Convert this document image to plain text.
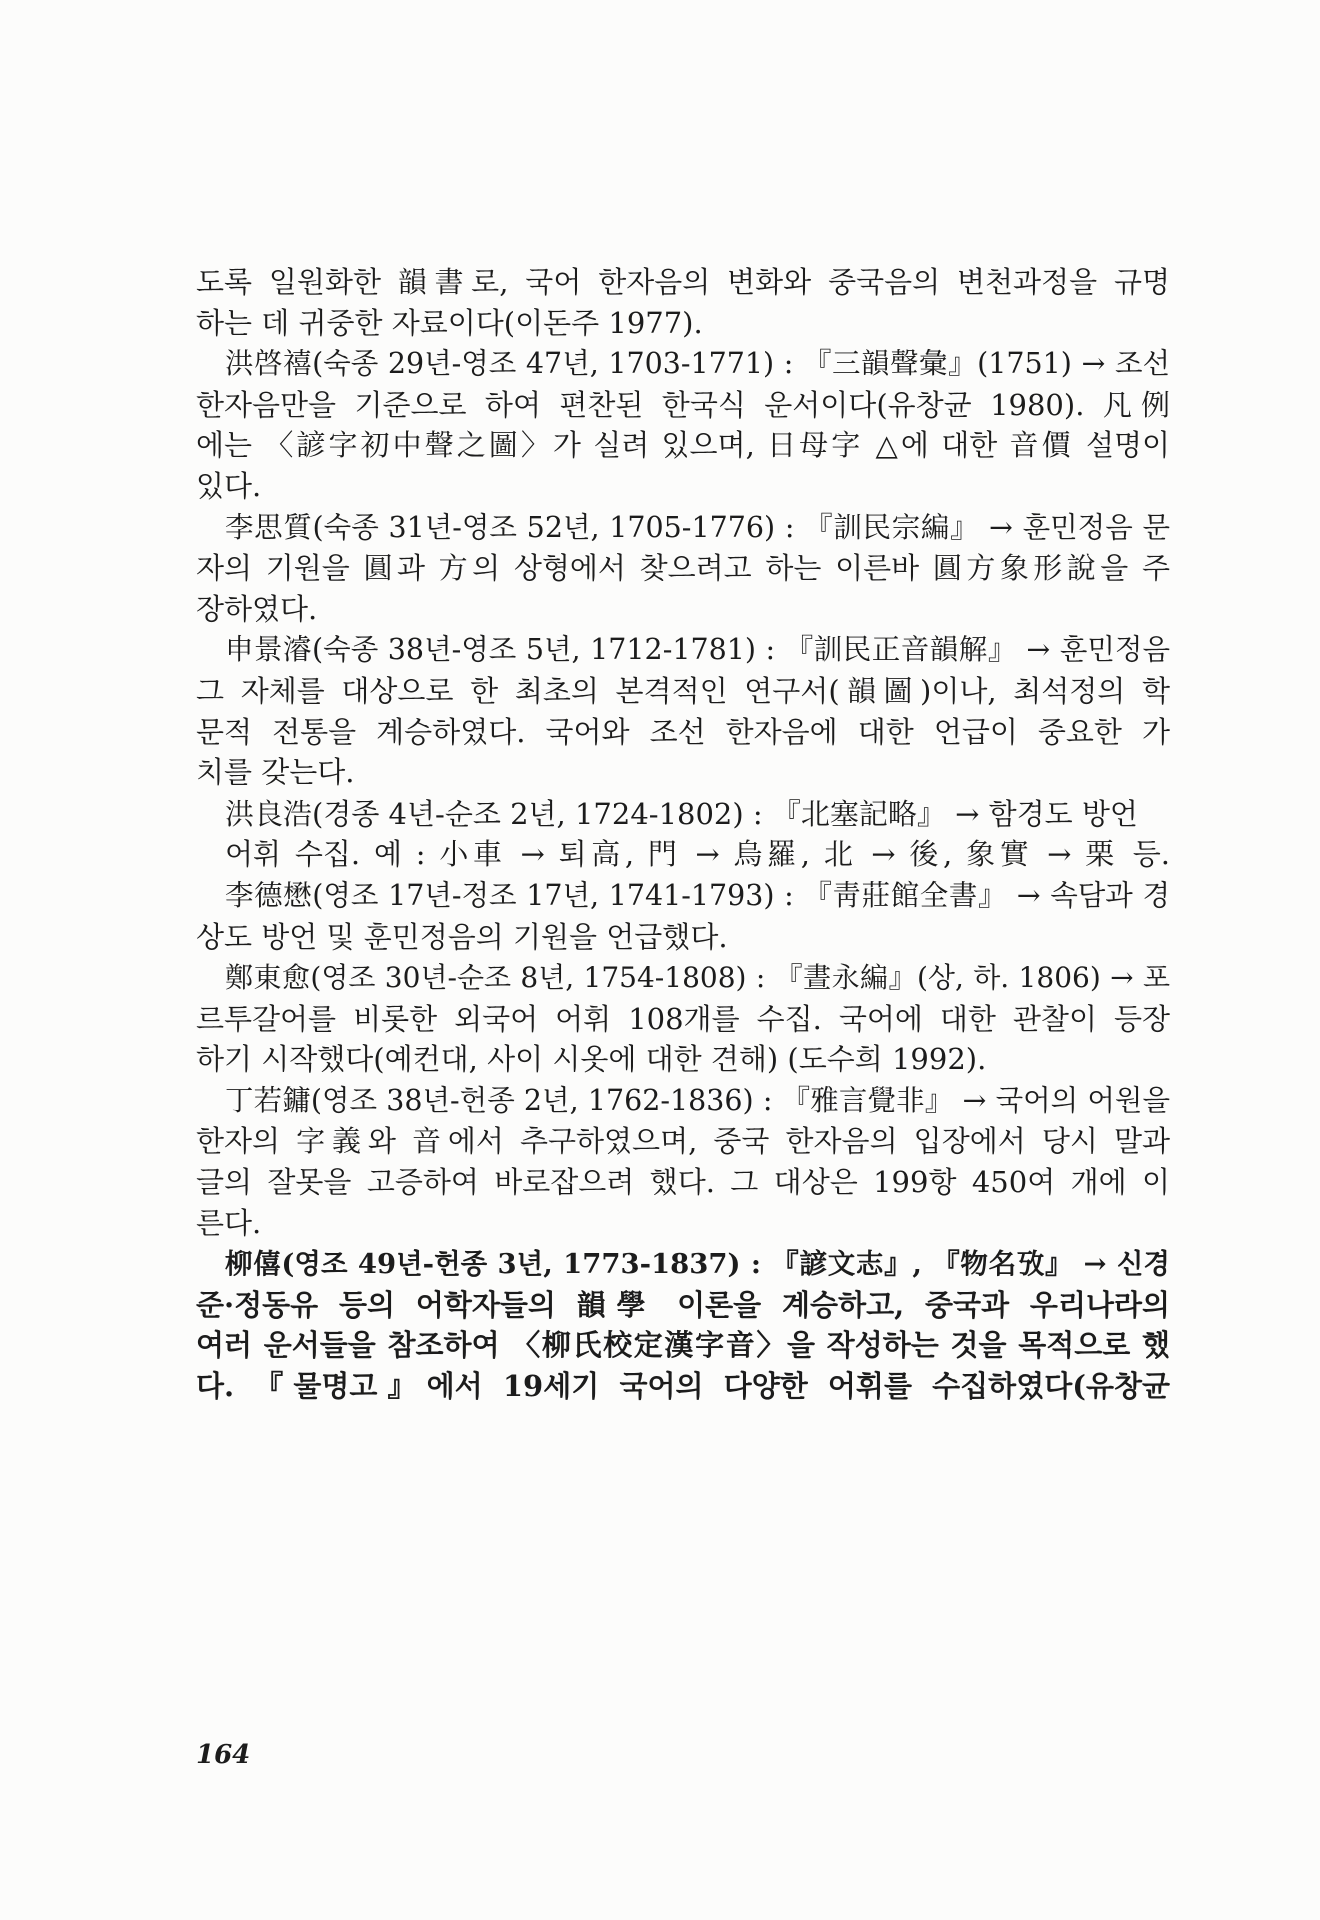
도록 일원화한 韻書로, 국어 한자음의 변화와 중국음의 변천과정을 규명
하는 데 귀중한 자료이다(이돈주 1977).
洪啓禧(숙종 29년-영조 47년, 1703-1771) : 『三韻聲彙』(1751) → 조선
한자음만을 기준으로 하여 편찬된 한국식 운서이다(유창균 1980). 凡例
에는 〈諺字初中聲之圖〉가 실려 있으며, 日母字 △에 대한 音價 설명이
있다.
李思質(숙종 31년-영조 52년, 1705-1776) : 『訓民宗編』 → 훈민정음 문
자의 기원을 圓과 方의 상형에서 찾으려고 하는 이른바 圓方象形說을 주
장하였다.
申景濬(숙종 38년-영조 5년, 1712-1781) : 『訓民正音韻解』 → 훈민정음
그 자체를 대상으로 한 최초의 본격적인 연구서(韻圖)이나, 최석정의 학
문적 전통을 계승하였다. 국어와 조선 한자음에 대한 언급이 중요한 가
치를 갖는다.
洪良浩(경종 4년-순조 2년, 1724-1802) : 『北塞記略』 → 함경도 방언
어휘 수집. 예 : 小車 → 퇴高, 門 → 烏羅, 北 → 後, 象實 → 栗 등.
李德懋(영조 17년-정조 17년, 1741-1793) : 『靑莊館全書』 → 속담과 경
상도 방언 및 훈민정음의 기원을 언급했다.
鄭東愈(영조 30년-순조 8년, 1754-1808) : 『晝永編』(상, 하. 1806) → 포
르투갈어를 비롯한 외국어 어휘 108개를 수집. 국어에 대한 관찰이 등장
하기 시작했다(예컨대, 사이 시옷에 대한 견해) (도수희 1992).
丁若鏞(영조 38년-헌종 2년, 1762-1836) : 『雅言覺非』 → 국어의 어원을
한자의 字義와 音에서 추구하였으며, 중국 한자음의 입장에서 당시 말과
글의 잘못을 고증하여 바로잡으려 했다. 그 대상은 199항 450여 개에 이
른다.
柳僖(영조 49년-헌종 3년, 1773-1837) : 『諺文志』, 『物名攷』 → 신경
준·정동유 등의 어학자들의 韻學 이론을 계승하고, 중국과 우리나라의
여러 운서들을 참조하여 〈柳氏校定漢字音〉을 작성하는 것을 목적으로 했
다. 『물명고』에서 19세기 국어의 다양한 어휘를 수집하였다(유창균
164
